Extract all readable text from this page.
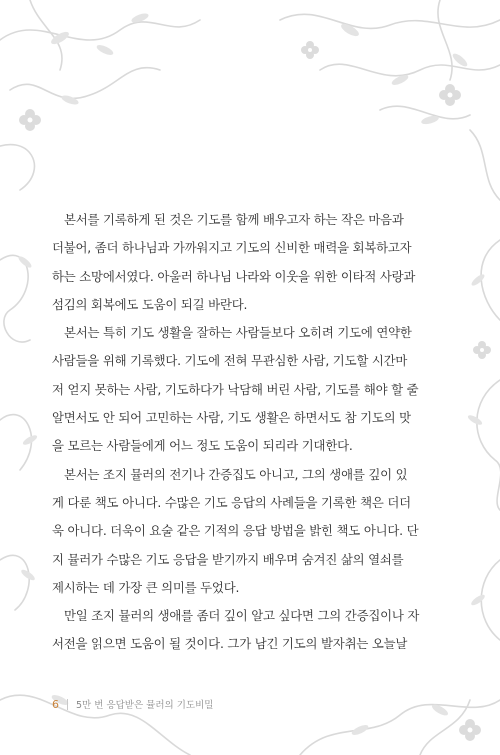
본서를 기록하게 된 것은 기도를 함께 배우고자 하는 작은 마음과
더불어, 좀더 하나님과 가까워지고 기도의 신비한 매력을 회복하고자
하는 소망에서였다. 아울러 하나님 나라와 이웃을 위한 이타적 사랑과
섬김의 회복에도 도움이 되길 바란다.
본서는 특히 기도 생활을 잘하는 사람들보다 오히려 기도에 연약한
사람들을 위해 기록했다. 기도에 전혀 무관심한 사람, 기도할 시간마
저 얻지 못하는 사람, 기도하다가 낙담해 버린 사람, 기도를 해야 할 줄
알면서도 안 되어 고민하는 사람, 기도 생활은 하면서도 참 기도의 맛
을 모르는 사람들에게 어느 정도 도움이 되리라 기대한다.
본서는 조지 뮬러의 전기나 간증집도 아니고, 그의 생애를 깊이 있
게 다룬 책도 아니다. 수많은 기도 응답의 사례들을 기록한 책은 더더
욱 아니다. 더욱이 요술 같은 기적의 응답 방법을 밝힌 책도 아니다. 단
지 뮬러가 수많은 기도 응답을 받기까지 배우며 숨겨진 삶의 열쇠를
제시하는 데 가장 큰 의미를 두었다.
만일 조지 뮬러의 생애를 좀더 깊이 알고 싶다면 그의 간증집이나 자
서전을 읽으면 도움이 될 것이다. 그가 남긴 기도의 발자취는 오늘날
6 5만 번 응답받은 뮬러의 기도비밀
